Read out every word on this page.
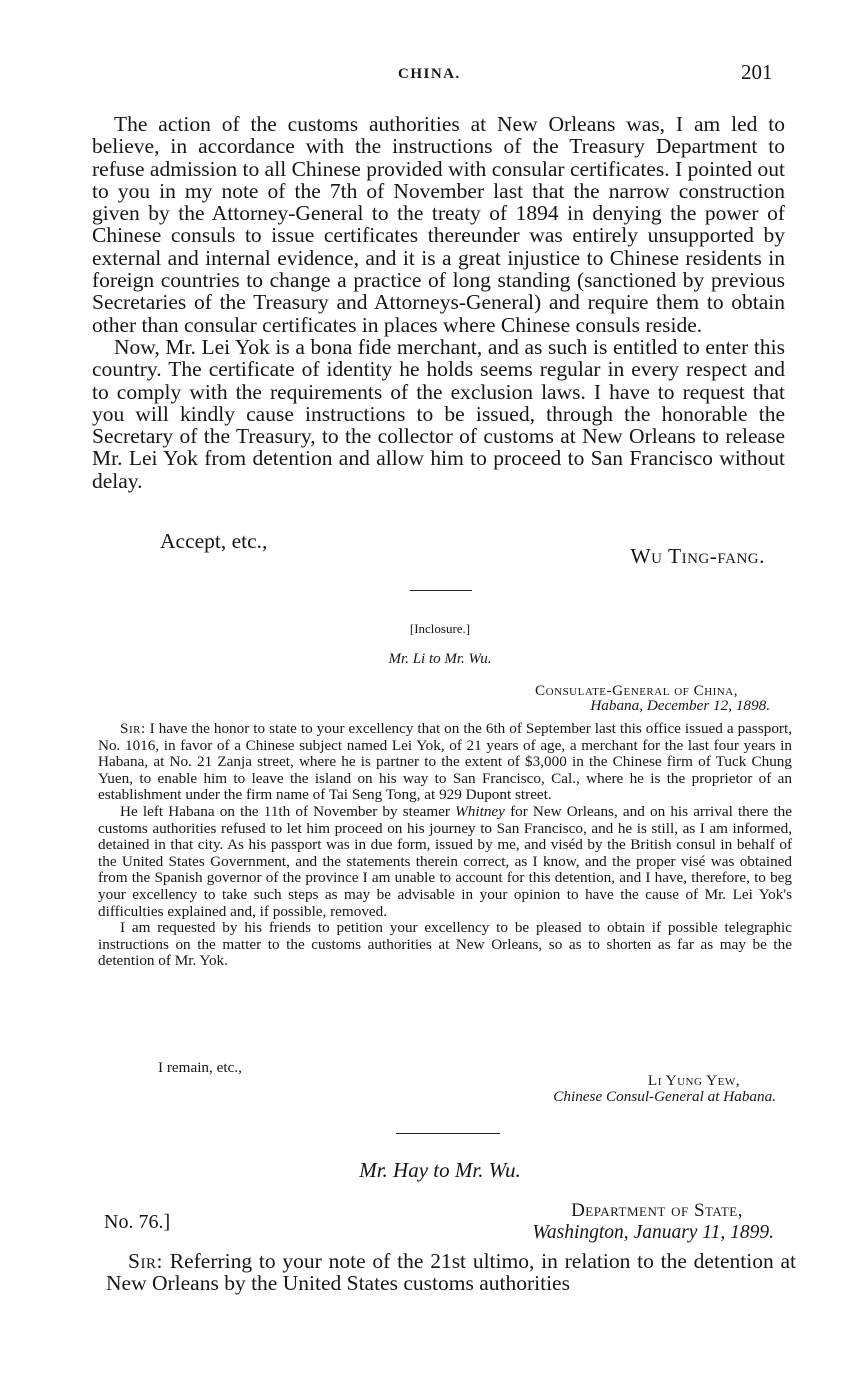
CHINA.	201

The action of the customs authorities at New Orleans was, I am led to believe, in accordance with the instructions of the Treasury Department to refuse admission to all Chinese provided with consular certificates. I pointed out to you in my note of the 7th of November last that the narrow construction given by the Attorney-General to the treaty of 1894 in denying the power of Chinese consuls to issue certificates thereunder was entirely unsupported by external and internal evidence, and it is a great injustice to Chinese residents in foreign countries to change a practice of long standing (sanctioned by previous Secretaries of the Treasury and Attorneys-General) and require them to obtain other than consular certificates in places where Chinese consuls reside.

Now, Mr. Lei Yok is a bona fide merchant, and as such is entitled to enter this country. The certificate of identity he holds seems regular in every respect and to comply with the requirements of the exclusion laws. I have to request that you will kindly cause instructions to be issued, through the honorable the Secretary of the Treasury, to the collector of customs at New Orleans to release Mr. Lei Yok from detention and allow him to proceed to San Francisco without delay.

Accept, etc.,
Wu Ting-fang.
[Inclosure.]
Mr. Li to Mr. Wu.
Consulate-General of China,
Habana, December 12, 1898.

Sir: I have the honor to state to your excellency that on the 6th of September last this office issued a passport, No. 1016, in favor of a Chinese subject named Lei Yok, of 21 years of age, a merchant for the last four years in Habana, at No. 21 Zanja street, where he is partner to the extent of $3,000 in the Chinese firm of Tuck Chung Yuen, to enable him to leave the island on his way to San Francisco, Cal., where he is the proprietor of an establishment under the firm name of Tai Seng Tong, at 929 Dupont street.

He left Habana on the 11th of November by steamer Whitney for New Orleans, and on his arrival there the customs authorities refused to let him proceed on his journey to San Francisco, and he is still, as I am informed, detained in that city. As his passport was in due form, issued by me, and viséd by the British consul in behalf of the United States Government, and the statements therein correct, as I know, and the proper visé was obtained from the Spanish governor of the province I am unable to account for this detention, and I have, therefore, to beg your excellency to take such steps as may be advisable in your opinion to have the cause of Mr. Lei Yok's difficulties explained and, if possible, removed.

I am requested by his friends to petition your excellency to be pleased to obtain if possible telegraphic instructions on the matter to the customs authorities at New Orleans, so as to shorten as far as may be the detention of Mr. Yok.

I remain, etc.,
Li Yung Yew,
Chinese Consul-General at Habana.
Mr. Hay to Mr. Wu.
No. 76.]
Department of State,
Washington, January 11, 1899.

Sir: Referring to your note of the 21st ultimo, in relation to the detention at New Orleans by the United States customs authorities
